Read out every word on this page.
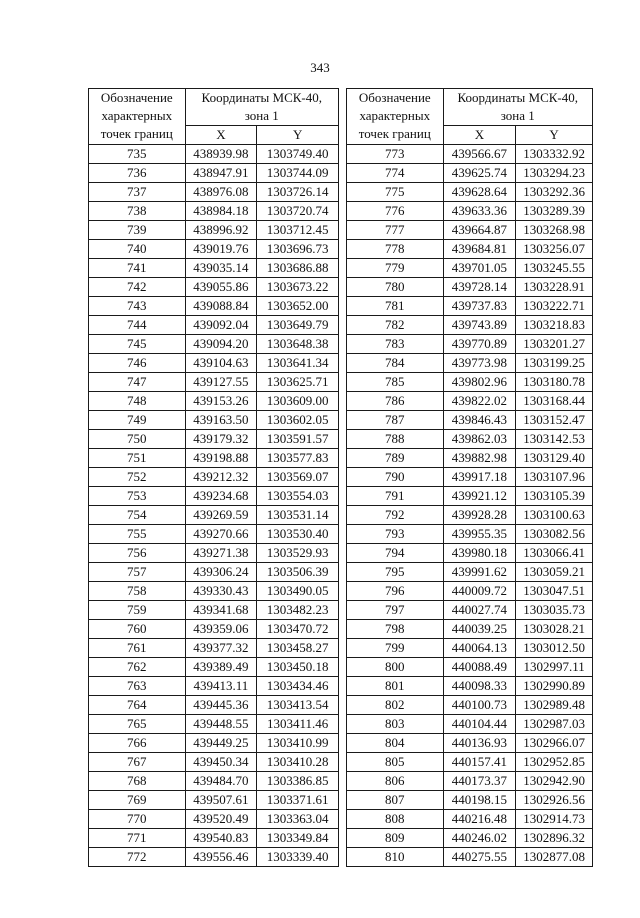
343
Обозначение
характерных
точек границ	Координаты МСК-40,
зона 1	
	X	Y
735	438939.98	1303749.40
736	438947.91	1303744.09
737	438976.08	1303726.14
738	438984.18	1303720.74
739	438996.92	1303712.45
740	439019.76	1303696.73
741	439035.14	1303686.88
742	439055.86	1303673.22
743	439088.84	1303652.00
744	439092.04	1303649.79
745	439094.20	1303648.38
746	439104.63	1303641.34
747	439127.55	1303625.71
748	439153.26	1303609.00
749	439163.50	1303602.05
750	439179.32	1303591.57
751	439198.88	1303577.83
752	439212.32	1303569.07
753	439234.68	1303554.03
754	439269.59	1303531.14
755	439270.66	1303530.40
756	439271.38	1303529.93
757	439306.24	1303506.39
758	439330.43	1303490.05
759	439341.68	1303482.23
760	439359.06	1303470.72
761	439377.32	1303458.27
762	439389.49	1303450.18
763	439413.11	1303434.46
764	439445.36	1303413.54
765	439448.55	1303411.46
766	439449.25	1303410.99
767	439450.34	1303410.28
768	439484.70	1303386.85
769	439507.61	1303371.61
770	439520.49	1303363.04
771	439540.83	1303349.84
772	439556.46	1303339.40
Обозначение
характерных
точек границ	Координаты МСК-40,
зона 1	
	X	Y
773	439566.67	1303332.92
774	439625.74	1303294.23
775	439628.64	1303292.36
776	439633.36	1303289.39
777	439664.87	1303268.98
778	439684.81	1303256.07
779	439701.05	1303245.55
780	439728.14	1303228.91
781	439737.83	1303222.71
782	439743.89	1303218.83
783	439770.89	1303201.27
784	439773.98	1303199.25
785	439802.96	1303180.78
786	439822.02	1303168.44
787	439846.43	1303152.47
788	439862.03	1303142.53
789	439882.98	1303129.40
790	439917.18	1303107.96
791	439921.12	1303105.39
792	439928.28	1303100.63
793	439955.35	1303082.56
794	439980.18	1303066.41
795	439991.62	1303059.21
796	440009.72	1303047.51
797	440027.74	1303035.73
798	440039.25	1303028.21
799	440064.13	1303012.50
800	440088.49	1302997.11
801	440098.33	1302990.89
802	440100.73	1302989.48
803	440104.44	1302987.03
804	440136.93	1302966.07
805	440157.41	1302952.85
806	440173.37	1302942.90
807	440198.15	1302926.56
808	440216.48	1302914.73
809	440246.02	1302896.32
810	440275.55	1302877.08
